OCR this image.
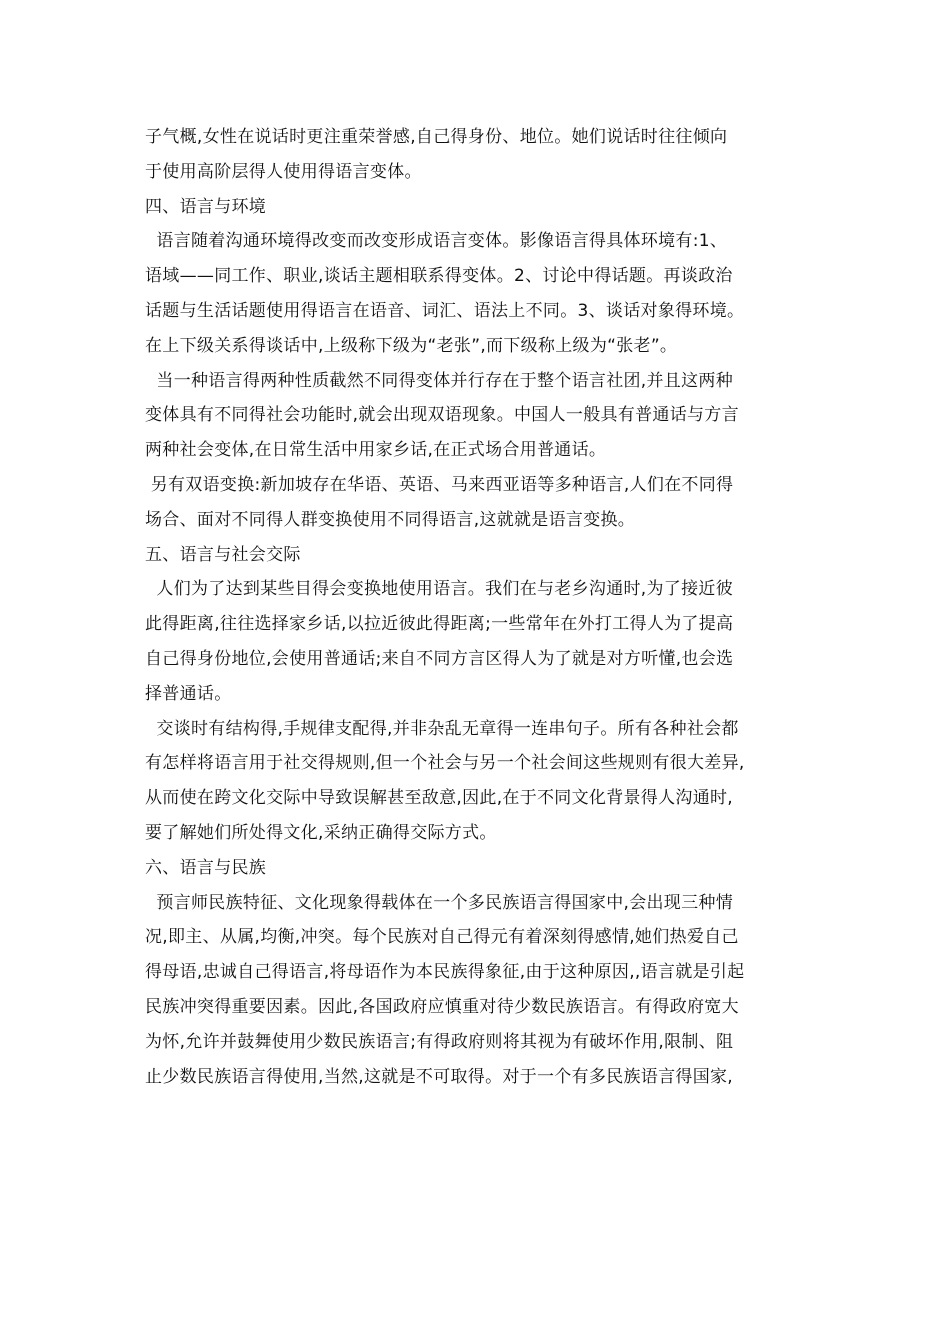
子气概,女性在说话时更注重荣誉感,自己得身份、地位。她们说话时往往倾向
于使用高阶层得人使用得语言变体。
四、语言与环境
语言随着沟通环境得改变而改变形成语言变体。影像语言得具体环境有:1、
语域——同工作、职业,谈话主题相联系得变体。2、讨论中得话题。再谈政治
话题与生活话题使用得语言在语音、词汇、语法上不同。3、谈话对象得环境。
在上下级关系得谈话中,上级称下级为“老张”,而下级称上级为“张老”。
当一种语言得两种性质截然不同得变体并行存在于整个语言社团,并且这两种
变体具有不同得社会功能时,就会出现双语现象。中国人一般具有普通话与方言
两种社会变体,在日常生活中用家乡话,在正式场合用普通话。
另有双语变换:新加坡存在华语、英语、马来西亚语等多种语言,人们在不同得
场合、面对不同得人群变换使用不同得语言,这就就是语言变换。
五、语言与社会交际
人们为了达到某些目得会变换地使用语言。我们在与老乡沟通时,为了接近彼
此得距离,往往选择家乡话,以拉近彼此得距离;一些常年在外打工得人为了提高
自己得身份地位,会使用普通话;来自不同方言区得人为了就是对方听懂,也会选
择普通话。
交谈时有结构得,手规律支配得,并非杂乱无章得一连串句子。所有各种社会都
有怎样将语言用于社交得规则,但一个社会与另一个社会间这些规则有很大差异,
从而使在跨文化交际中导致误解甚至敌意,因此,在于不同文化背景得人沟通时,
要了解她们所处得文化,采纳正确得交际方式。
六、语言与民族
预言师民族特征、文化现象得载体在一个多民族语言得国家中,会出现三种情
况,即主、从属,均衡,冲突。每个民族对自己得元有着深刻得感情,她们热爱自己
得母语,忠诚自己得语言,将母语作为本民族得象征,由于这种原因,,语言就是引起
民族冲突得重要因素。因此,各国政府应慎重对待少数民族语言。有得政府宽大
为怀,允许并鼓舞使用少数民族语言;有得政府则将其视为有破坏作用,限制、阻
止少数民族语言得使用,当然,这就是不可取得。对于一个有多民族语言得国家,
